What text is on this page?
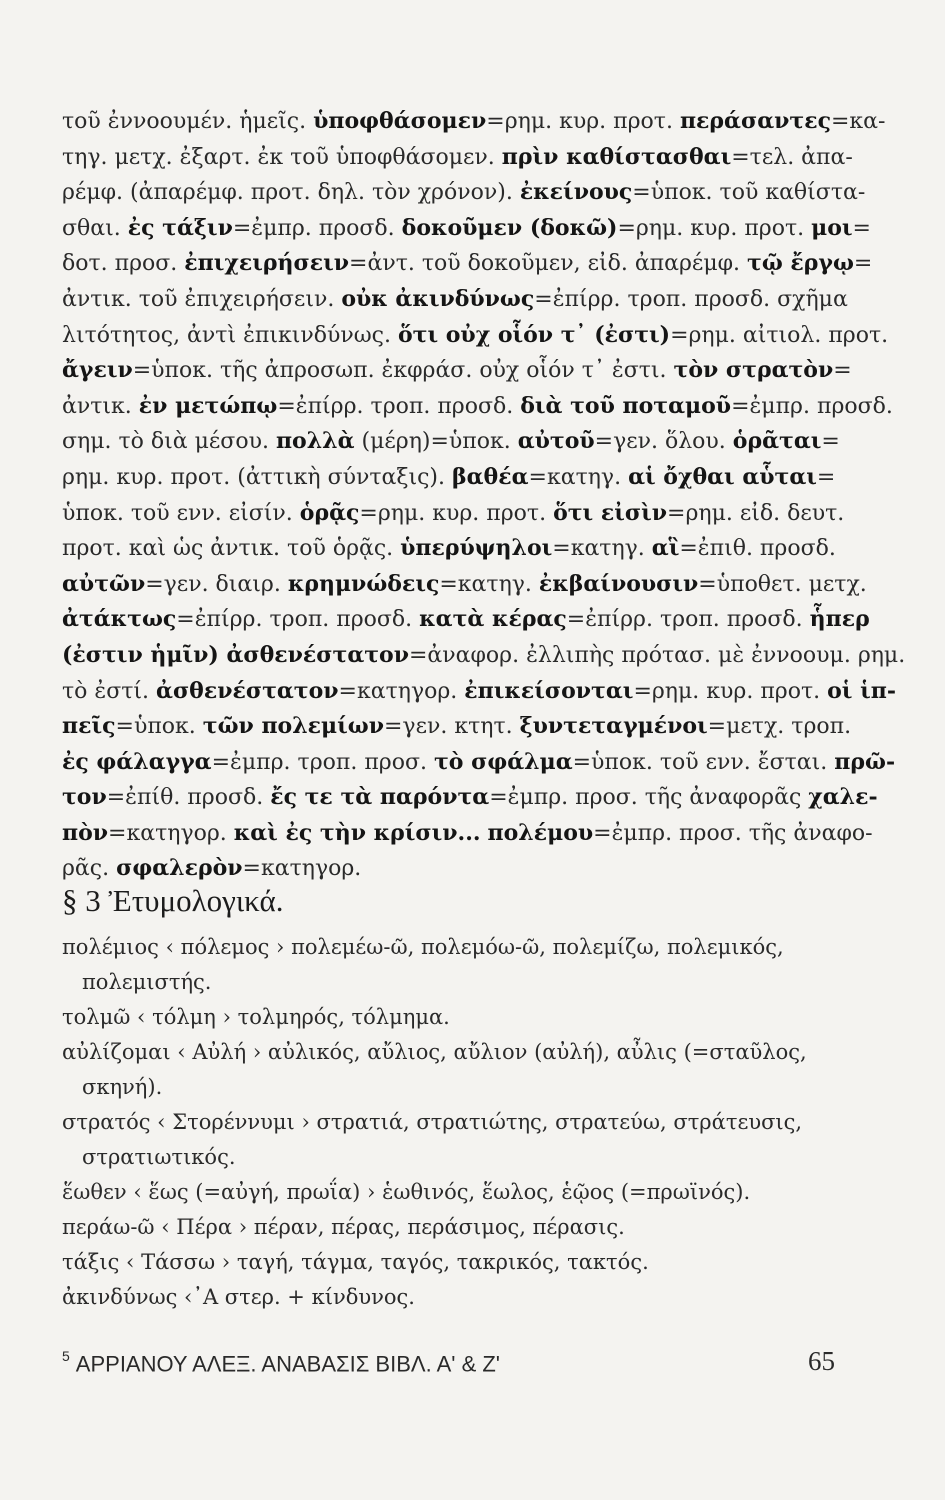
τοῦ ἐννοουμέν. ἡμεῖς. ὑποφθάσομεν=ρημ. κυρ. προτ. περάσαντες=κα-
τηγ. μετχ. ἐξαρτ. ἐκ τοῦ ὑποφθάσομεν. πρὶν καθίστασθαι=τελ. ἀπα-
ρέμφ. (ἀπαρέμφ. προτ. δηλ. τὸν χρόνον). ἐκείνους=ὑποκ. τοῦ καθίστα-
σθαι. ἐς τάξιν=ἐμπρ. προσδ. δοκοῦμεν (δοκῶ)=ρημ. κυρ. προτ. μοι=
δοτ. προσ. ἐπιχειρήσειν=ἀντ. τοῦ δοκοῦμεν, εἰδ. ἀπαρέμφ. τῷ ἔργῳ=
ἀντικ. τοῦ ἐπιχειρήσειν. οὐκ ἀκινδύνως=ἐπίρρ. τροπ. προσδ. σχῆμα
λιτότητος, ἀντὶ ἐπικινδύνως. ὅτι οὐχ οἷόν τ᾽ (ἐστι)=ρημ. αἰτιολ. προτ.
ἄγειν=ὑποκ. τῆς ἀπροσωπ. ἐκφράσ. οὐχ οἷόν τ᾽ ἐστι. τὸν στρατὸν=
ἀντικ. ἐν μετώπῳ=ἐπίρρ. τροπ. προσδ. διὰ τοῦ ποταμοῦ=ἐμπρ. προσδ.
σημ. τὸ διὰ μέσου. πολλὰ (μέρη)=ὑποκ. αὐτοῦ=γεν. ὅλου. ὁρᾶται=
ρημ. κυρ. προτ. (ἀττικὴ σύνταξις). βαθέα=κατηγ. αἱ ὄχθαι αὗται=
ὑποκ. τοῦ ενν. εἰσίν. ὁρᾷς=ρημ. κυρ. προτ. ὅτι εἰσὶν=ρημ. εἰδ. δευτ.
προτ. καὶ ὡς ἀντικ. τοῦ ὁρᾷς. ὑπερύψηλοι=κατηγ. αἳ=ἐπιθ. προσδ.
αὐτῶν=γεν. διαιρ. κρημνώδεις=κατηγ. ἐκβαίνουσιν=ὑποθετ. μετχ.
ἀτάκτως=ἐπίρρ. τροπ. προσδ. κατὰ κέρας=ἐπίρρ. τροπ. προσδ. ἧπερ
(ἐστιν ἡμῖν) ἀσθενέστατον=ἀναφορ. ἐλλιπὴς πρότασ. μὲ ἐννοουμ. ρημ.
τὸ ἐστί. ἀσθενέστατον=κατηγορ. ἐπικείσονται=ρημ. κυρ. προτ. οἱ ἱπ-
πεῖς=ὑποκ. τῶν πολεμίων=γεν. κτητ. ξυντεταγμένοι=μετχ. τροπ.
ἐς φάλαγγα=ἐμπρ. τροπ. προσ. τὸ σφάλμα=ὑποκ. τοῦ ενν. ἔσται. πρῶ-
τον=ἐπίθ. προσδ. ἔς τε τὰ παρόντα=ἐμπρ. προσ. τῆς ἀναφορᾶς χαλε-
πὸν=κατηγορ. καὶ ἐς τὴν κρίσιν... πολέμου=ἐμπρ. προσ. τῆς ἀναφο-
ρᾶς. σφαλερὸν=κατηγορ.
§ 3 Ἐτυμολογικά.
πολέμιος ‹ πόλεμος › πολεμέω-ῶ, πολεμόω-ῶ, πολεμίζω, πολεμικός,
πολεμιστής.
τολμῶ ‹ τόλμη › τολμηρός, τόλμημα.
αὐλίζομαι ‹ Αὐλή › αὐλικός, αὔλιος, αὔλιον (αὐλή), αὖλις (=σταῦλος,
σκηνή).
στρατός ‹ Στορέννυμι › στρατιά, στρατιώτης, στρατεύω, στράτευσις,
στρατιωτικός.
ἕωθεν ‹ ἕως (=αὐγή, πρωΐα) › ἑωθινός, ἕωλος, ἑῷος (=πρωϊνός).
περάω-ῶ ‹ Πέρα › πέραν, πέρας, περάσιμος, πέρασις.
τάξις ‹ Τάσσω › ταγή, τάγμα, ταγός, τακρικός, τακτός.
ἀκινδύνως ‹᾽Α στερ. + κίνδυνος.
$^5$ ΑΡΡΙΑΝΟΥ ΑΛΕΞ. ΑΝΑΒΑΣΙΣ ΒΙΒΛ. Α' & Ζ'	65
